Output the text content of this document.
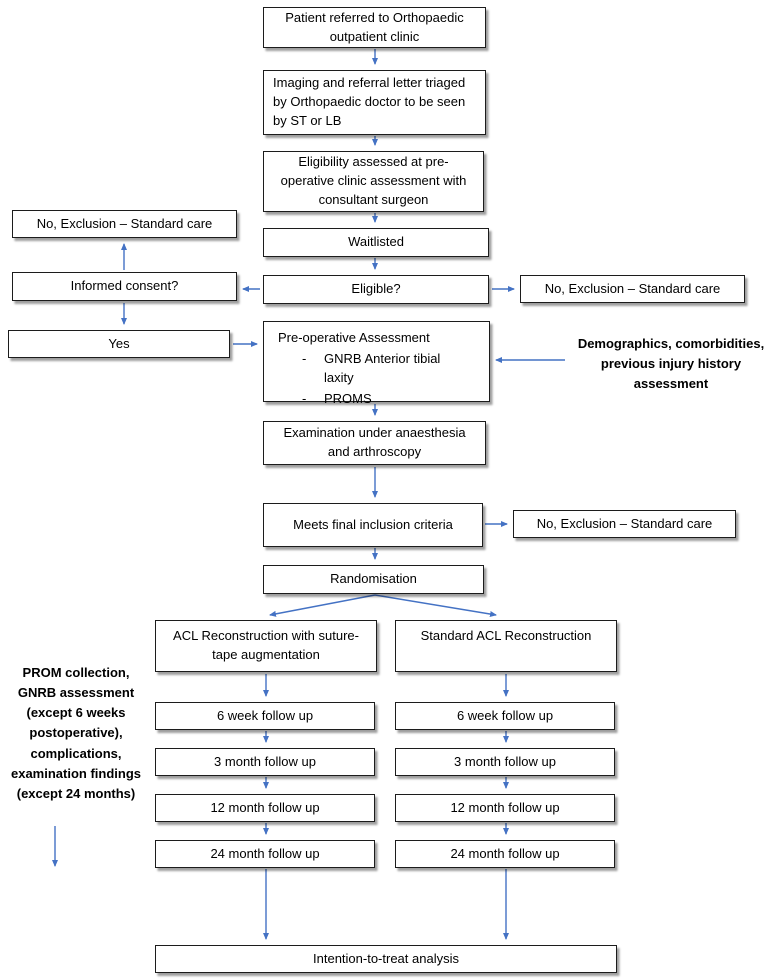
Patient referred to Orthopaedic outpatient clinic
Imaging and referral letter triaged by Orthopaedic doctor to be seen by ST or LB
Eligibility assessed at pre-operative clinic assessment with consultant surgeon
Waitlisted
Eligible?
No, Exclusion – Standard care
Informed consent?
Yes
No, Exclusion – Standard care
Pre-operative Assessment
-	GNRB Anterior tibial laxity
-	PROMS
Demographics, comorbidities, previous injury history assessment
Examination under anaesthesia and arthroscopy
Meets final inclusion criteria	No, Exclusion – Standard care
Randomisation
ACL Reconstruction with suture-tape augmentation
Standard ACL Reconstruction
6 week follow up
3 month follow up
12 month follow up
24 month follow up
6 week follow up
3 month follow up
12 month follow up
24 month follow up
PROM collection, GNRB assessment (except 6 weeks postoperative), complications, examination findings (except 24 months)
Intention-to-treat analysis
